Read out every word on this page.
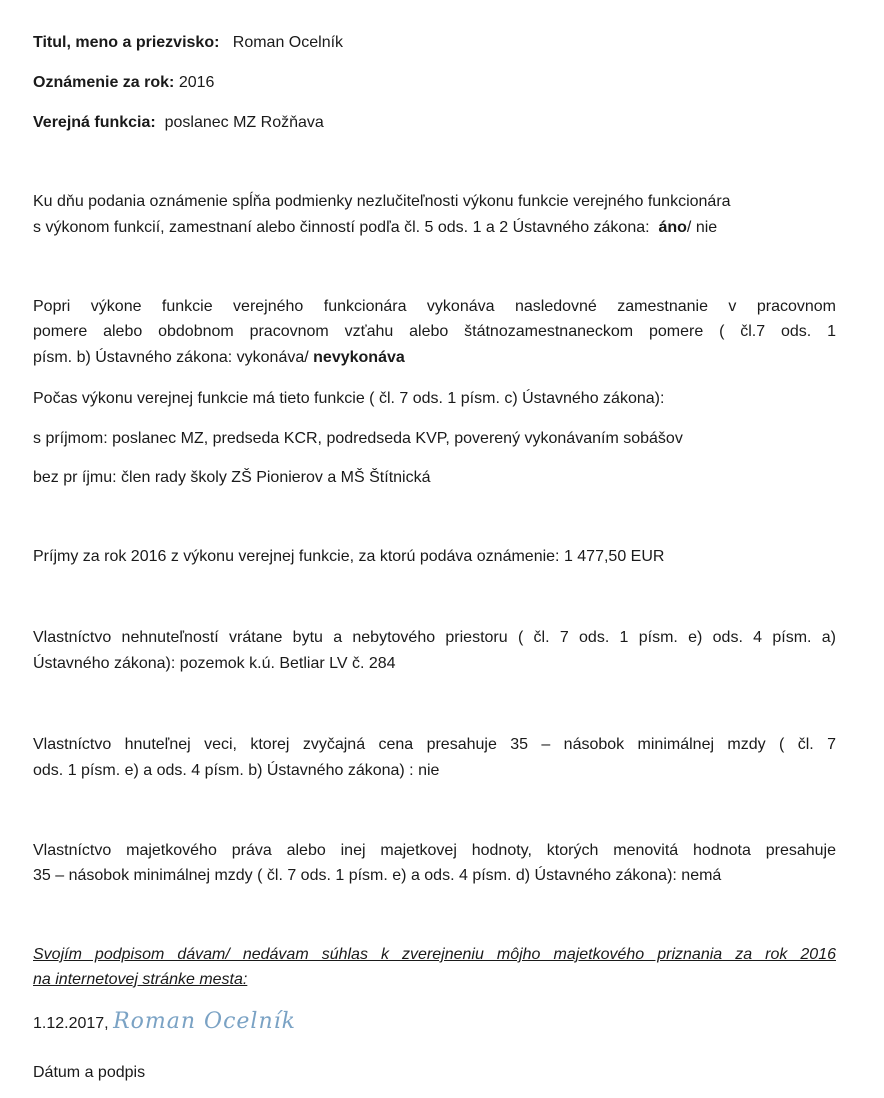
Titul, meno a priezvisko: Roman Ocelník
Oznámenie za rok: 2016
Verejná funkcia: poslanec MZ Rožňava
Ku dňu podania oznámenie spĺňa podmienky nezlučiteľnosti výkonu funkcie verejného funkcionára
s výkonom funkcií, zamestnaní alebo činností podľa čl. 5 ods. 1 a 2 Ústavného zákona: áno/ nie
Popri výkone funkcie verejného funkcionára vykonáva nasledovné zamestnanie v pracovnom
pomere alebo obdobnom pracovnom vzťahu alebo štátnozamestnaneckom pomere ( čl.7 ods. 1
písm. b) Ústavného zákona: vykonáva/ nevykonáva
Počas výkonu verejnej funkcie má tieto funkcie ( čl. 7 ods. 1 písm. c) Ústavného zákona):
s príjmom: poslanec MZ, predseda KCR, podredseda KVP, poverený vykonávaním sobášov
bez pr íjmu: člen rady školy ZŠ Pionierov a MŠ Štítnická
Príjmy za rok 2016 z výkonu verejnej funkcie, za ktorú podáva oznámenie: 1 477,50 EUR
Vlastníctvo nehnuteľností vrátane bytu a nebytového priestoru ( čl. 7 ods. 1 písm. e) ods. 4 písm. a)
Ústavného zákona): pozemok k.ú. Betliar LV č. 284
Vlastníctvo hnuteľnej veci, ktorej zvyčajná cena presahuje 35 – násobok minimálnej mzdy ( čl. 7
ods. 1 písm. e) a ods. 4 písm. b) Ústavného zákona) : nie
Vlastníctvo majetkového práva alebo inej majetkovej hodnoty, ktorých menovitá hodnota presahuje
35 – násobok minimálnej mzdy ( čl. 7 ods. 1 písm. e) a ods. 4 písm. d) Ústavného zákona): nemá
Svojím podpisom dávam/ nedávam súhlas k zverejneniu môjho majetkového priznania za rok 2016
na internetovej stránke mesta:
1.12.2017, Roman Ocelník
Dátum a podpis
